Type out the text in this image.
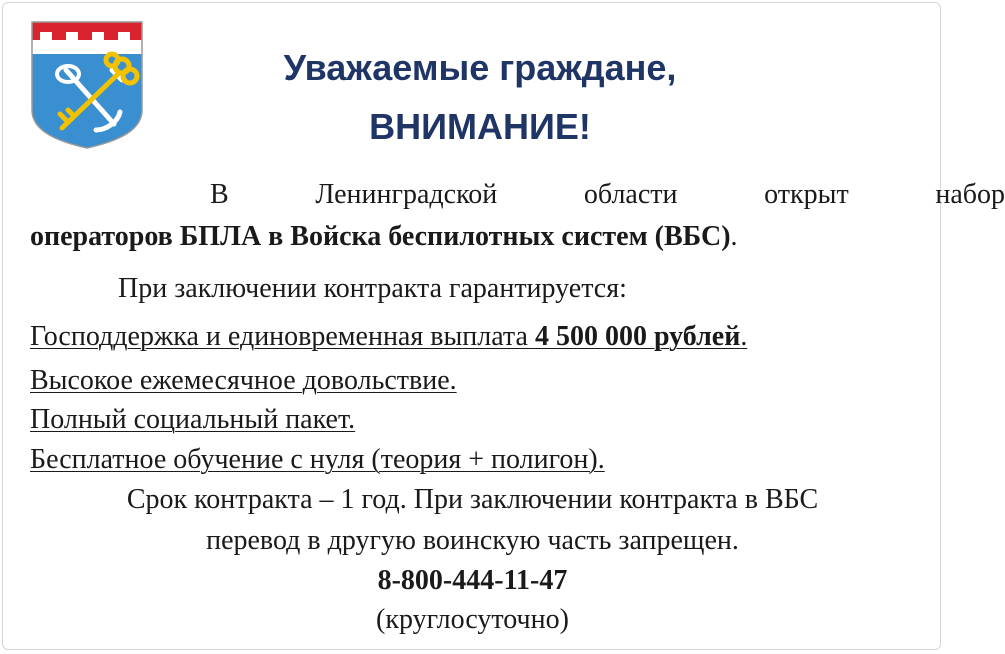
Уважаемые граждане,
ВНИМАНИЕ!
В	Ленинградской	области	открыт	набор
операторов БПЛА в Войска беспилотных систем (ВБС).
При заключении контракта гарантируется:
Господдержка и единовременная выплата 4 500 000 рублей.
Высокое ежемесячное довольствие.
Полный социальный пакет.
Бесплатное обучение с нуля (теория + полигон).
Срок контракта – 1 год. При заключении контракта в ВБС
перевод в другую воинскую часть запрещен.
8-800-444-11-47
(круглосуточно)
